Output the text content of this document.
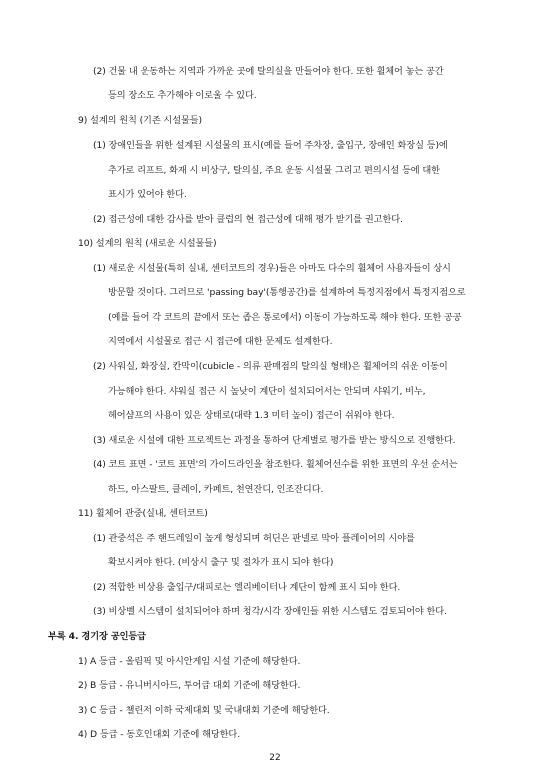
(2) 건물 내 운동하는 지역과 가까운 곳에 탈의실을 만들어야 한다. 또한 휠체어 놓는 공간
등의 장소도 추가해야 이로울 수 있다.
9) 설계의 원칙 (기존 시설물들)
(1) 장애인들을 위한 설계된 시설물의 표시(예를 들어 주차장, 출입구, 장애인 화장실 등)에
추가로 리프트, 화재 시 비상구, 탈의실, 주요 운동 시설물 그리고 편의시설 등에 대한
표시가 있어야 한다.
(2) 접근성에 대한 감사를 받아 클럽의 현 접근성에 대해 평가 받기를 권고한다.
10) 설계의 원칙 (새로운 시설물들)
(1) 새로운 시설물(특히 실내, 센터코트의 경우)들은 아마도 다수의 휠체어 사용자들이 상시
방문할 것이다. 그러므로 'passing bay'(통행공간)를 설계하여 특정지점에서 특정지점으로
(예를 들어 각 코트의 끝에서 또는 좁은 통로에서) 이동이 가능하도록 해야 한다. 또한 공공
지역에서 시설물로 접근 시 접근에 대한 문제도 설계한다.
(2) 사워실, 화장실, 칸막이(cubicle - 의류 판매점의 탈의실 형태)은 휠체어의 쉬운 이동이
가능해야 한다. 샤워실 접근 시 높낮이 계단이 설치되어서는 안되며 샤워기, 비누,
헤어샴프의 사용이 있은 상태로(대략 1.3 미터 높이) 접근이 쉬워야 한다.
(3) 새로운 시설에 대한 프로젝트는 과정을 통하여 단계별로 평가를 받는 방식으로 진행한다.
(4) 코트 표면 - '코트 표면'의 가이드라인을 참조한다. 휠체어선수를 위한 표면의 우선 순서는
하드, 아스팔트, 클레이, 카페트, 천연잔디, 인조잔디다.
11) 휠체어 관중(실내, 센터코트)
(1) 관중석은 주 핸드레일이 높게 형성되며 허딘은 판넬로 막아 플레이어의 시야를
확보시켜야 한다. (비상시 출구 및 절차가 표시 되야 한다)
(2) 적합한 비상용 출입구/대피로는 엘리베이터나 계단이 함께 표시 되야 한다.
(3) 비상벨 시스템이 설치되어야 하며 청각/시각 장애인들 위한 시스템도 검토되어야 한다.
부록 4. 경기장 공인등급
1) A 등급 - 올림픽 및 아시안게임 시설 기준에 해당한다.
2) B 등급 - 유니버시아드, 투어급 대회 기준에 해당한다.
3) C 등급 - 챌린저 이하 국제대회 및 국내대회 기준에 해당한다.
4) D 등급 - 동호인대회 기준에 해당한다.
22
